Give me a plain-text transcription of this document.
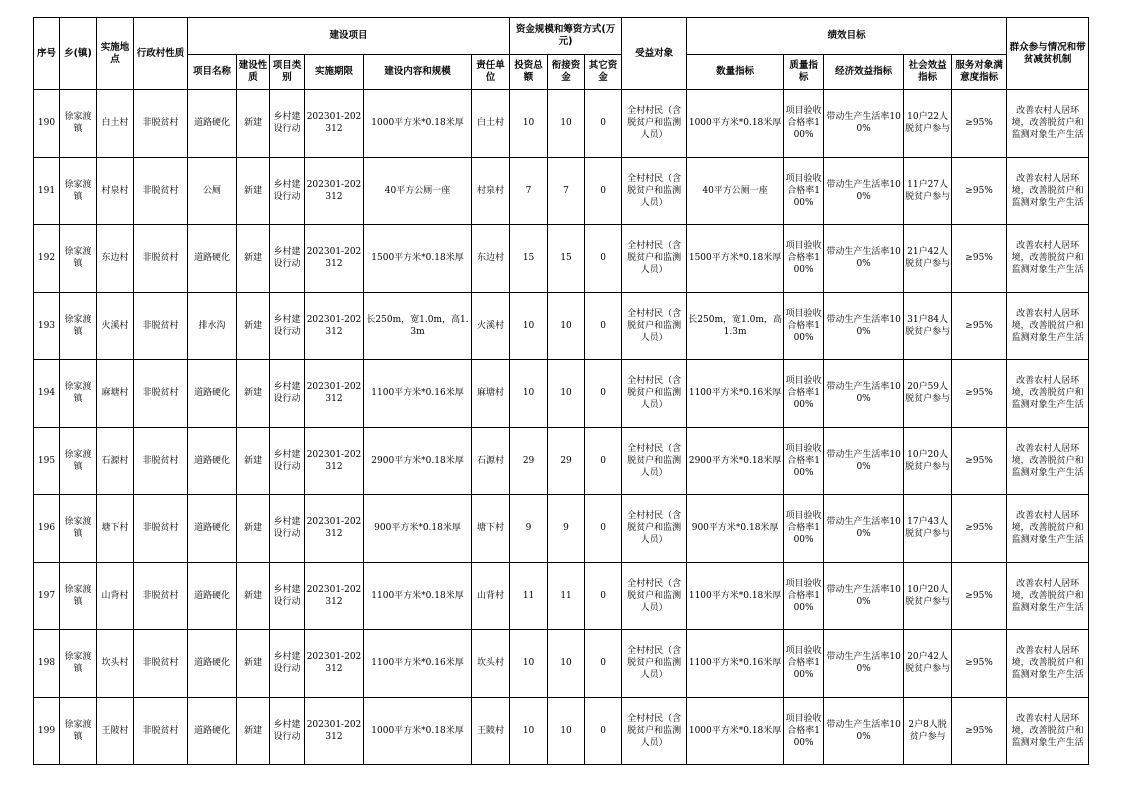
序号	乡(镇)	实施地点	行政村性质	建设项目						资金规模和筹资方式(万元)			受益对象	绩效目标					群众参与情况和带贫减贫机制
				项目名称	建设性质	项目类别	实施期限	建设内容和规模	责任单位	投资总额	衔接资金	其它资金		数量指标	质量指标	经济效益指标	社会效益指标	服务对象满意度指标	
190	徐家渡镇	白土村	非脱贫村	道路硬化	新建	乡村建设行动	202301-202312	1000平方米*0.18米厚	白土村	10	10	0	全村村民（含脱贫户和监测人员）	1000平方米*0.18米厚	项目验收合格率100%	带动生产生活率100%	10户22人脱贫户参与	≥95%	改善农村人居环境，改善脱贫户和监测对象生产生活
191	徐家渡镇	村泉村	非脱贫村	公厕	新建	乡村建设行动	202301-202312	40平方公厕一座	村泉村	7	7	0	全村村民（含脱贫户和监测人员）	40平方公厕一座	项目验收合格率100%	带动生产生活率100%	11户27人脱贫户参与	≥95%	改善农村人居环境，改善脱贫户和监测对象生产生活
192	徐家渡镇	东边村	非脱贫村	道路硬化	新建	乡村建设行动	202301-202312	1500平方米*0.18米厚	东边村	15	15	0	全村村民（含脱贫户和监测人员）	1500平方米*0.18米厚	项目验收合格率100%	带动生产生活率100%	21户42人脱贫户参与	≥95%	改善农村人居环境，改善脱贫户和监测对象生产生活
193	徐家渡镇	火溪村	非脱贫村	排水沟	新建	乡村建设行动	202301-202312	长250m，宽1.0m，高1.3m	火溪村	10	10	0	全村村民（含脱贫户和监测人员）	长250m，宽1.0m，高1.3m	项目验收合格率100%	带动生产生活率100%	31户84人脱贫户参与	≥95%	改善农村人居环境，改善脱贫户和监测对象生产生活
194	徐家渡镇	麻塘村	非脱贫村	道路硬化	新建	乡村建设行动	202301-202312	1100平方米*0.16米厚	麻塘村	10	10	0	全村村民（含脱贫户和监测人员）	1100平方米*0.16米厚	项目验收合格率100%	带动生产生活率100%	20户59人脱贫户参与	≥95%	改善农村人居环境，改善脱贫户和监测对象生产生活
195	徐家渡镇	石源村	非脱贫村	道路硬化	新建	乡村建设行动	202301-202312	2900平方米*0.18米厚	石源村	29	29	0	全村村民（含脱贫户和监测人员）	2900平方米*0.18米厚	项目验收合格率100%	带动生产生活率100%	10户20人脱贫户参与	≥95%	改善农村人居环境，改善脱贫户和监测对象生产生活
196	徐家渡镇	塘下村	非脱贫村	道路硬化	新建	乡村建设行动	202301-202312	900平方米*0.18米厚	塘下村	9	9	0	全村村民（含脱贫户和监测人员）	900平方米*0.18米厚	项目验收合格率100%	带动生产生活率100%	17户43人脱贫户参与	≥95%	改善农村人居环境，改善脱贫户和监测对象生产生活
197	徐家渡镇	山背村	非脱贫村	道路硬化	新建	乡村建设行动	202301-202312	1100平方米*0.18米厚	山背村	11	11	0	全村村民（含脱贫户和监测人员）	1100平方米*0.18米厚	项目验收合格率100%	带动生产生活率100%	10户20人脱贫户参与	≥95%	改善农村人居环境，改善脱贫户和监测对象生产生活
198	徐家渡镇	坎头村	非脱贫村	道路硬化	新建	乡村建设行动	202301-202312	1100平方米*0.16米厚	坎头村	10	10	0	全村村民（含脱贫户和监测人员）	1100平方米*0.16米厚	项目验收合格率100%	带动生产生活率100%	20户42人脱贫户参与	≥95%	改善农村人居环境，改善脱贫户和监测对象生产生活
199	徐家渡镇	王陂村	非脱贫村	道路硬化	新建	乡村建设行动	202301-202312	1000平方米*0.18米厚	王陂村	10	10	0	全村村民（含脱贫户和监测人员）	1000平方米*0.18米厚	项目验收合格率100%	带动生产生活率100%	2户8人脱贫户参与	≥95%	改善农村人居环境，改善脱贫户和监测对象生产生活
